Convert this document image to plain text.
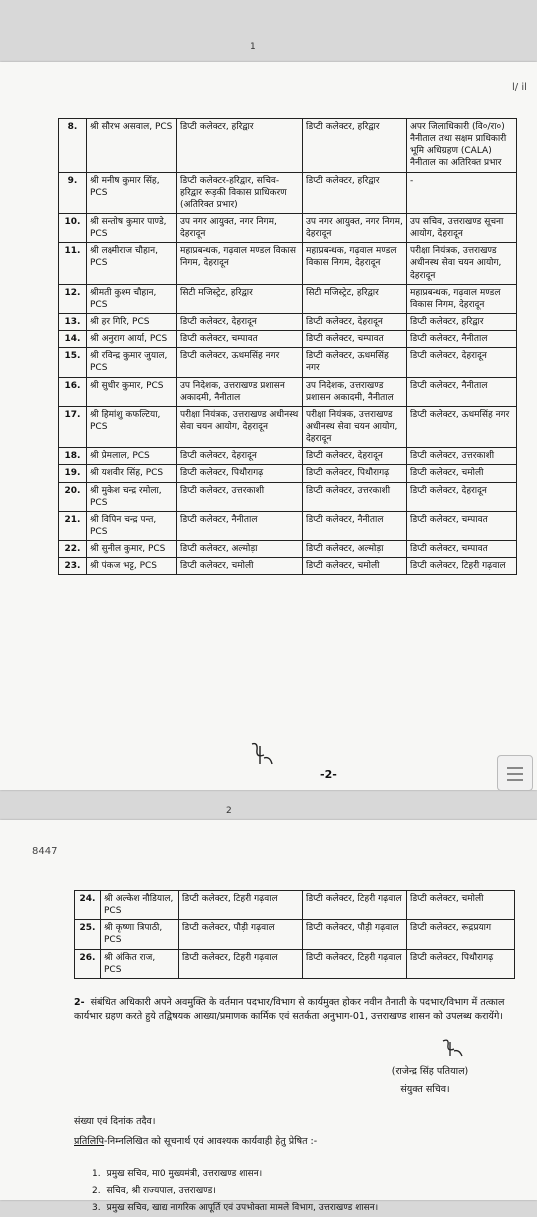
1
l/ il
8.	श्री सौरभ असवाल, PCS	डिप्टी कलेक्टर, हरिद्वार	डिप्टी कलेक्टर, हरिद्वार	अपर जिलाधिकारी (वि०/रा०) नैनीताल तथा सक्षम प्राधिकारी भूमि अधिग्रहण (CALA) नैनीताल का अतिरिक्त प्रभार
9.	श्री मनीष कुमार सिंह, PCS	डिप्टी कलेक्टर-हरिद्वार, सचिव-हरिद्वार रूड़की विकास प्राधिकरण (अतिरिक्त प्रभार)	डिप्टी कलेक्टर, हरिद्वार	-
10.	श्री सन्तोष कुमार पाण्डे, PCS	उप नगर आयुक्त, नगर निगम, देहरादून	उप नगर आयुक्त, नगर निगम, देहरादून	उप सचिव, उत्तराखण्ड सूचना आयोग, देहरादून
11.	श्री लक्ष्मीराज चौहान, PCS	महाप्रबन्धक, गढ़वाल मण्डल विकास निगम, देहरादून	महाप्रबन्धक, गढ़वाल मण्डल विकास निगम, देहरादून	परीक्षा नियंत्रक, उत्तराखण्ड अधीनस्थ सेवा चयन आयोग, देहरादून
12.	श्रीमती कुश्म चौहान, PCS	सिटी मजिस्ट्रेट, हरिद्वार	सिटी मजिस्ट्रेट, हरिद्वार	महाप्रबन्धक, गढ़वाल मण्डल विकास निगम, देहरादून
13.	श्री हर गिरि, PCS	डिप्टी कलेक्टर, देहरादून	डिप्टी कलेक्टर, देहरादून	डिप्टी कलेक्टर, हरिद्वार
14.	श्री अनुराग आर्या, PCS	डिप्टी कलेक्टर, चम्पावत	डिप्टी कलेक्टर, चम्पावत	डिप्टी कलेक्टर, नैनीताल
15.	श्री रविन्द्र कुमार जुयाल, PCS	डिप्टी कलेक्टर, ऊधमसिंह नगर	डिप्टी कलेक्टर, ऊधमसिंह नगर	डिप्टी कलेक्टर, देहरादून
16.	श्री सुधीर कुमार, PCS	उप निदेशक, उत्तराखण्ड प्रशासन अकादमी, नैनीताल	उप निदेशक, उत्तराखण्ड प्रशासन अकादमी, नैनीताल	डिप्टी कलेक्टर, नैनीताल
17.	श्री हिमांशु कफल्टिया, PCS	परीक्षा नियंत्रक, उत्तराखण्ड अधीनस्थ सेवा चयन आयोग, देहरादून	परीक्षा नियंत्रक, उत्तराखण्ड अधीनस्थ सेवा चयन आयोग, देहरादून	डिप्टी कलेक्टर, ऊधमसिंह नगर
18.	श्री प्रेमलाल, PCS	डिप्टी कलेक्टर, देहरादून	डिप्टी कलेक्टर, देहरादून	डिप्टी कलेक्टर, उत्तरकाशी
19.	श्री यशवीर सिंह, PCS	डिप्टी कलेक्टर, पिथौरागढ़	डिप्टी कलेक्टर, पिथौरागढ़	डिप्टी कलेक्टर, चमोली
20.	श्री मुकेश चन्द्र रमोला, PCS	डिप्टी कलेक्टर, उत्तरकाशी	डिप्टी कलेक्टर, उत्तरकाशी	डिप्टी कलेक्टर, देहरादून
21.	श्री विपिन चन्द्र पन्त, PCS	डिप्टी कलेक्टर, नैनीताल	डिप्टी कलेक्टर, नैनीताल	डिप्टी कलेक्टर, चम्पावत
22.	श्री सुनील कुमार, PCS	डिप्टी कलेक्टर, अल्मोड़ा	डिप्टी कलेक्टर, अल्मोड़ा	डिप्टी कलेक्टर, चम्पावत
23.	श्री पंकज भट्ट, PCS	डिप्टी कलेक्टर, चमोली	डिप्टी कलेक्टर, चमोली	डिप्टी कलेक्टर, टिहरी गढ़वाल
-2-
2
8447
24.	श्री अल्केश नौडियाल, PCS	डिप्टी कलेक्टर, टिहरी गढ़वाल	डिप्टी कलेक्टर, टिहरी गढ़वाल	डिप्टी कलेक्टर, चमोली
25.	श्री कृष्णा त्रिपाठी, PCS	डिप्टी कलेक्टर, पौड़ी गढ़वाल	डिप्टी कलेक्टर, पौड़ी गढ़वाल	डिप्टी कलेक्टर, रूद्रप्रयाग
26.	श्री अंकित राज, PCS	डिप्टी कलेक्टर, टिहरी गढ़वाल	डिप्टी कलेक्टर, टिहरी गढ़वाल	डिप्टी कलेक्टर, पिथौरागढ़
2- संबंधित अधिकारी अपने अवमुक्ति के वर्तमान पदभार/विभाग से कार्यमुक्त होकर नवीन तैनाती के पदभार/विभाग में तत्काल कार्यभार ग्रहण करते हुये तद्विषयक आख्या/प्रमाणक कार्मिक एवं सतर्कता अनुभाग-01, उत्तराखण्ड शासन को उपलब्ध करायेंगे।
(राजेन्द्र सिंह पतियाल)
संयुक्त सचिव।
संख्या एवं दिनांक तदैव।
प्रतिलिपि-निम्नलिखित को सूचनार्थ एवं आवश्यक कार्यवाही हेतु प्रेषित :-
1. प्रमुख सचिव, मा0 मुख्यमंत्री, उत्तराखण्ड शासन।
2. सचिव, श्री राज्यपाल, उत्तराखण्ड।
3. प्रमुख सचिव, खाद्य नागरिक आपूर्ति एवं उपभोक्ता मामले विभाग, उत्तराखण्ड शासन।
